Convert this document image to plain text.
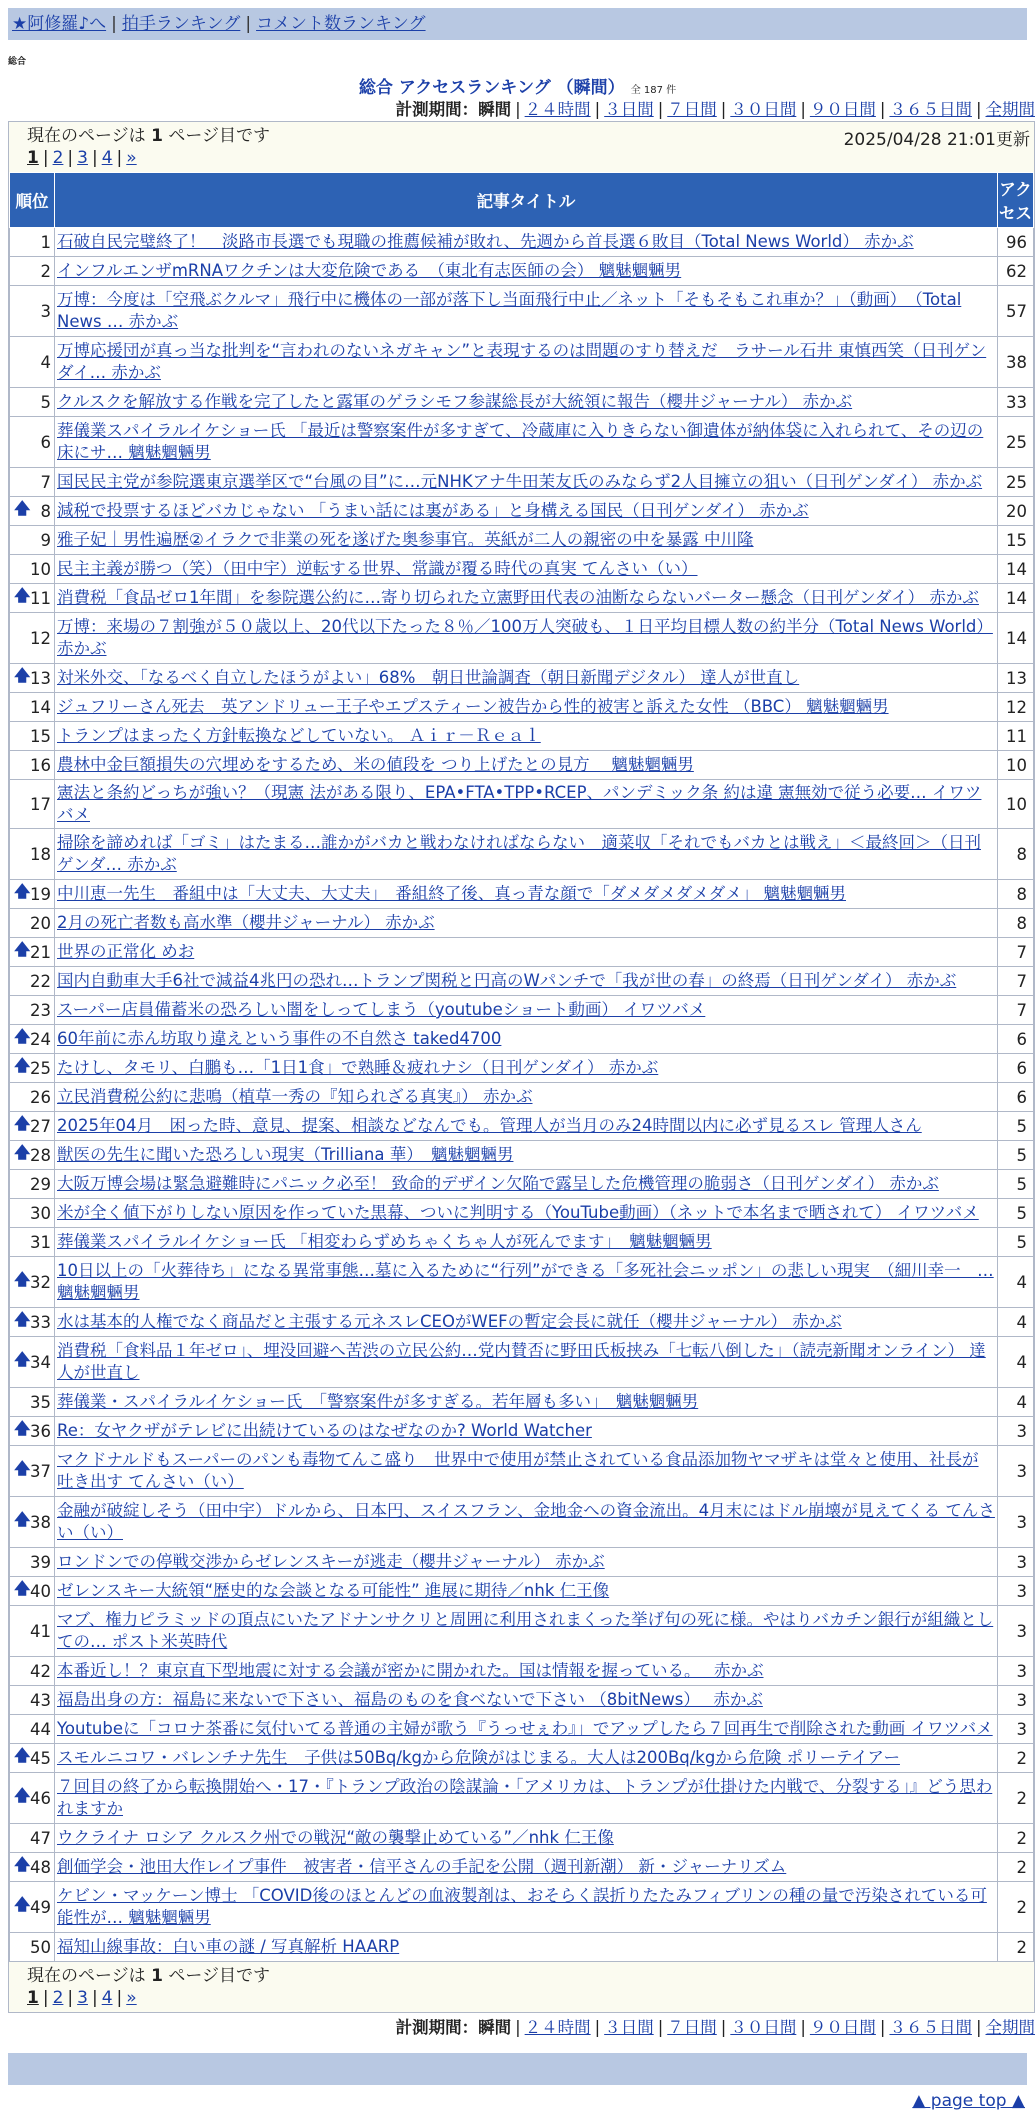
★阿修羅♪へ | 拍手ランキング | コメント数ランキング
総合
総合 アクセスランキング （瞬間） 全 187 件
計測期間：瞬間 | ２４時間 | ３日間 | ７日間 | ３０日間 | ９０日間 | ３６５日間 | 全期間
現在のページは 1 ページ目です	2025/04/28 21:01更新
1 | 2 | 3 | 4 | »
順位	記事タイトル	アクセス
1	石破自民完璧終了！　淡路市長選でも現職の推薦候補が敗れ、先週から首長選６敗目（Total News World） 赤かぶ	96
2	インフルエンザmRNAワクチンは大変危険である　（東北有志医師の会） 魑魅魍魎男	62
3	万博：今度は「空飛ぶクルマ」飛行中に機体の一部が落下し当面飛行中止／ネット「そもそもこれ車か？」（動画）　（Total News … 赤かぶ	57
4	万博応援団が真っ当な批判を“言われのないネガキャン”と表現するのは問題のすり替えだ　ラサール石井 東慎西笑（日刊ゲンダイ… 赤かぶ	38
5	クルスクを解放する作戦を完了したと露軍のゲラシモフ参謀総長が大統領に報告（櫻井ジャーナル） 赤かぶ	33
6	葬儀業スパイラルイケショー氏 「最近は警察案件が多すぎて、冷蔵庫に入りきらない御遺体が納体袋に入れられて、その辺の床にサ… 魑魅魍魎男	25
7	国民民主党が参院選東京選挙区で“台風の目”に…元NHKアナ牛田茉友氏のみならず2人目擁立の狙い（日刊ゲンダイ） 赤かぶ	25

🡅 8	減税で投票するほどバカじゃない 「うまい話には裏がある」と身構える国民（日刊ゲンダイ） 赤かぶ	20
9	雅子妃｜男性遍歴②イラクで非業の死を遂げた奥参事官。英紙が二人の親密の中を暴露 中川隆	15
10	民主主義が勝つ（笑）（田中宇）逆転する世界、常識が覆る時代の真実 てんさい（い）	14

🡅 11	消費税「食品ゼロ1年間」を参院選公約に…寄り切られた立憲野田代表の油断ならないバーター懸念（日刊ゲンダイ） 赤かぶ	14
12	万博：来場の７割強が５０歳以上、20代以下たった８％／100万人突破も、１日平均目標人数の約半分（Total News World） 赤かぶ	14

🡅 13	対米外交、「なるべく自立したほうがよい」68%　朝日世論調査（朝日新聞デジタル） 達人が世直し	13
14	ジュフリーさん死去　英アンドリュー王子やエプスティーン被告から性的被害と訴えた女性 （BBC） 魑魅魍魎男	12
15	トランプはまったく方針転換などしていない。 Ａｉｒ－Ｒｅａｌ	11
16	農林中金巨額損失の穴埋めをするため、米の値段を つり上げたとの見方　 魑魅魍魎男	10
17	憲法と条約どっちが強い？（現憲 法がある限り、EPA•FTA•TPP•RCEP、パンデミック条 約は違 憲無効で従う必要… イワツバメ	10
18	掃除を諦めれば「ゴミ」はたまる…誰かがバカと戦わなければならない　適菜収「それでもバカとは戦え」＜最終回＞（日刊ゲンダ… 赤かぶ	8

🡅 19	中川恵一先生　番組中は「大丈夫、大丈夫」　番組終了後、真っ青な顔で「ダメダメダメダメ」 魑魅魍魎男	8
20	2月の死亡者数も高水準（櫻井ジャーナル） 赤かぶ	8

🡅 21	世界の正常化 めお	7
22	国内自動車大手6社で減益4兆円の恐れ…トランプ関税と円高のWパンチで「我が世の春」の終焉（日刊ゲンダイ） 赤かぶ	7
23	スーパー店員備蓄米の恐ろしい闇をしってしまう（youtubeショート動画） イワツバメ	7

🡅 24	60年前に赤ん坊取り違えという事件の不自然さ taked4700	6

🡅 25	たけし、タモリ、白鵬も…「1日1食」で熟睡＆疲れナシ（日刊ゲンダイ） 赤かぶ	6
26	立民消費税公約に悲鳴（植草一秀の『知られざる真実』） 赤かぶ	6

🡅 27	2025年04月　困った時、意見、提案、相談などなんでも。管理人が当月のみ24時間以内に必ず見るスレ 管理人さん	5

🡅 28	獣医の先生に聞いた恐ろしい現実（Trilliana 華）　魑魅魍魎男	5
29	大阪万博会場は緊急避難時にパニック必至！ 致命的デザイン欠陥で露呈した危機管理の脆弱さ（日刊ゲンダイ） 赤かぶ	5
30	米が全く値下がりしない原因を作っていた黒幕、ついに判明する（YouTube動画）（ネットで本名まで晒されて） イワツバメ	5
31	葬儀業スパイラルイケショー氏 「相変わらずめちゃくちゃ人が死んでます」　魑魅魍魎男	5

🡅 32	10日以上の「火葬待ち」になる異常事態…墓に入るために“行列”ができる「多死社会ニッポン」の悲しい現実　（細川幸一　… 魑魅魍魎男	4

🡅 33	水は基本的人権でなく商品だと主張する元ネスレCEOがWEFの暫定会長に就任（櫻井ジャーナル） 赤かぶ	4

🡅 34	消費税「食料品１年ゼロ」、埋没回避へ苦渋の立民公約…党内賛否に野田氏板挟み「七転八倒した」（読売新聞オンライン） 達人が世直し	4
35	葬儀業・スパイラルイケショー氏　「警察案件が多すぎる。若年層も多い」　魑魅魍魎男	4

🡅 36	Re：女ヤクザがテレビに出続けているのはなぜなのか? World Watcher	3

🡅 37	マクドナルドもスーパーのパンも毒物てんこ盛り　世界中で使用が禁止されている食品添加物ヤマザキは堂々と使用、社長が吐き出す てんさい（い）	3

🡅 38	金融が破綻しそう（田中宇）ドルから、日本円、スイスフラン、金地金への資金流出。4月末にはドル崩壊が見えてくる てんさい（い）	3
39	ロンドンでの停戦交渉からゼレンスキーが逃走（櫻井ジャーナル） 赤かぶ	3

🡅 40	ゼレンスキー大統領“歴史的な会談となる可能性” 進展に期待／nhk 仁王像	3
41	マブ、権力ピラミッドの頂点にいたアドナンサクリと周囲に利用されまくった挙げ句の死に様。やはりバカチン銀行が組織としての… ポスト米英時代	3
42	本番近し！？東京直下型地震に対する会議が密かに開かれた。国は情報を握っている。　 赤かぶ	3
43	福島出身の方：福島に来ないで下さい、福島のものを食べないで下さい （8bitNews）　 赤かぶ	3
44	Youtubeに「コロナ茶番に気付いてる普通の主婦が歌う『うっせぇわ』」でアップしたら７回再生で削除された動画 イワツバメ	3

🡅 45	スモルニコワ・バレンチナ先生　子供は50Bq/kgから危険がはじまる。大人は200Bq/kgから危険 ポリーテイアー	2

🡅 46	７回目の終了から転換開始へ・17・『トランプ政治の陰謀論・「アメリカは、トランプが仕掛けた内戦で、分裂する」』どう思われますか	2
47	ウクライナ ロシア クルスク州での戦況“敵の襲撃止めている”／nhk 仁王像	2

🡅 48	創価学会・池田大作レイプ事件　被害者・信平さんの手記を公開（週刊新潮） 新・ジャーナリズム	2

🡅 49	ケビン・マッケーン博士 「COVID後のほとんどの血液製剤は、おそらく誤折りたたみフィブリンの種の量で汚染されている可能性が… 魑魅魍魎男	2
50	福知山線事故：白い車の謎 / 写真解析 HAARP	2
現在のページは 1 ページ目です
1 | 2 | 3 | 4 | »
計測期間：瞬間 | ２４時間 | ３日間 | ７日間 | ３０日間 | ９０日間 | ３６５日間 | 全期間
▲ page top ▲
